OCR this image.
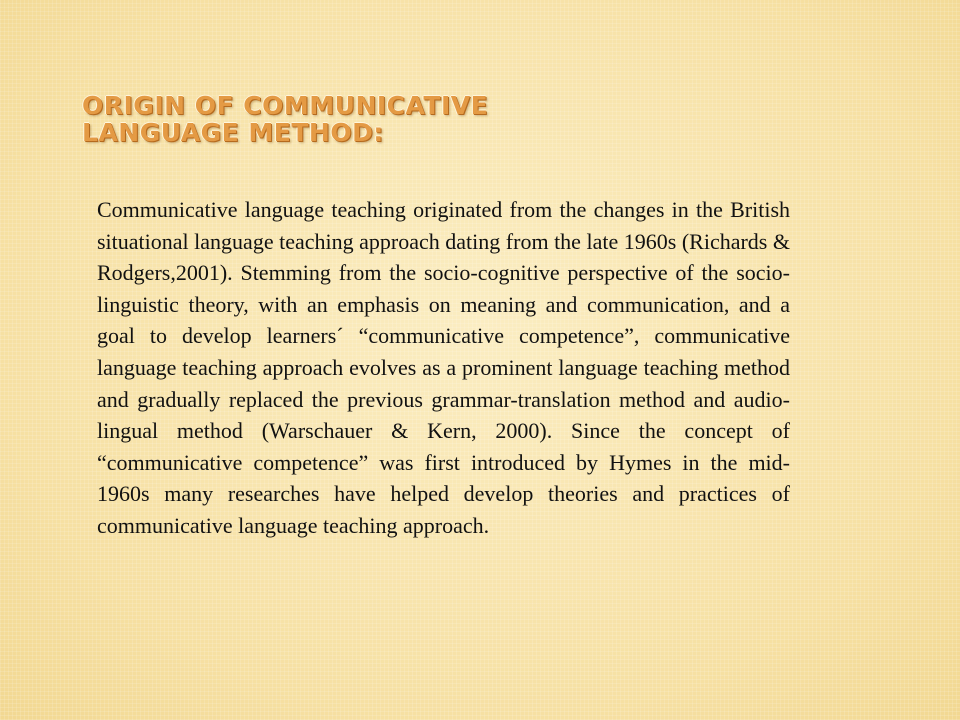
ORIGIN OF COMMUNICATIVE
LANGUAGE METHOD:

Communicative language teaching originated from the changes in the British situational language teaching approach dating from the late 1960s (Richards & Rodgers,2001). Stemming from the socio-cognitive perspective of the socio-linguistic theory, with an emphasis on meaning and communication, and a goal to develop learners´ “communicative competence”, communicative language teaching approach evolves as a prominent language teaching method and gradually replaced the previous grammar-translation method and audio-lingual method (Warschauer & Kern, 2000). Since the concept of “communicative competence” was first introduced by Hymes in the mid-1960s many researches have helped develop theories and practices of communicative language teaching approach.
